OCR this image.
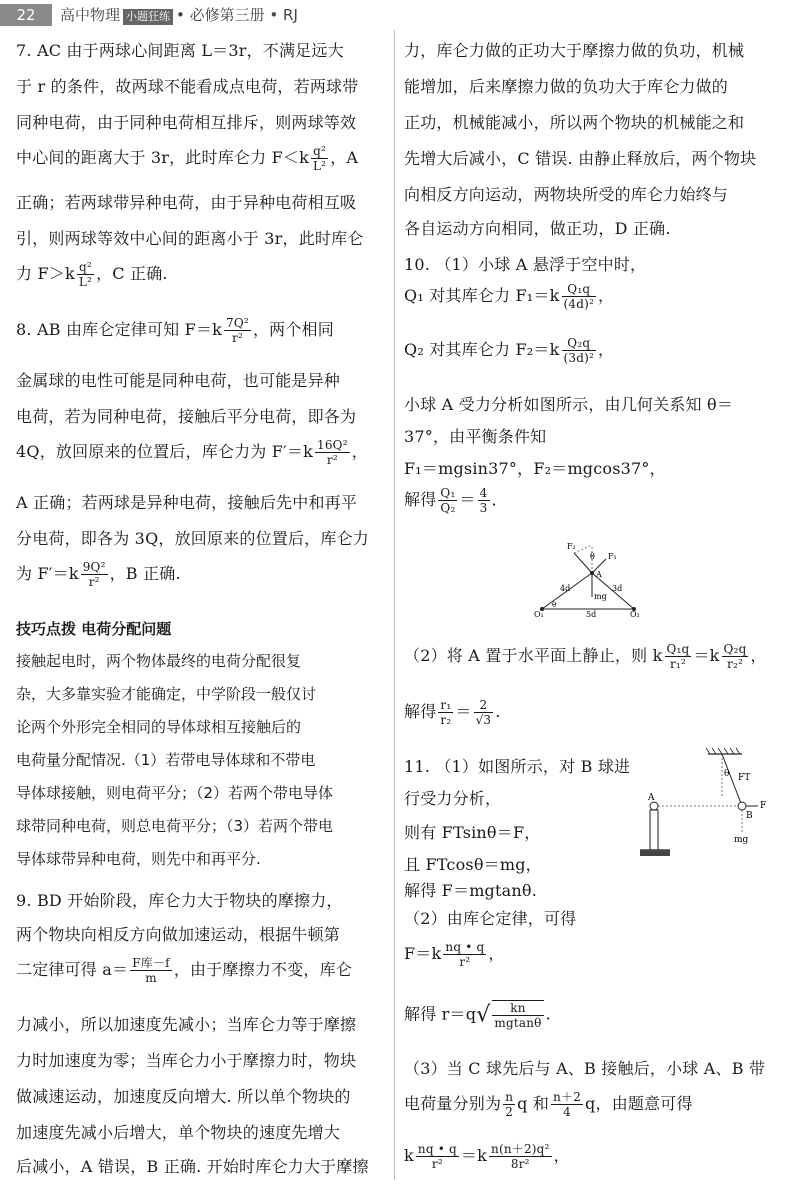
22	高中物理 小题狂练 • 必修第三册 • RJ
7. AC 由于两球心间距离 L＝3r，不满足远大
于 r 的条件，故两球不能看成点电荷，若两球带
同种电荷，由于同种电荷相互排斥，则两球等效
中心间的距离大于 3r，此时库仑力 $F<k \frac{\text{q²}}{\text{L²}}$ ，A
正确；若两球带异种电荷，由于异种电荷相互吸
引，则两球等效中心间的距离小于 3r，此时库仑
力 $F>k \frac{\text{q²}}{\text{L²}}$ ，C 正确.
8. AB 由库仑定律可知 $F=k \frac{\text{7Q²}}{\text{r²}}$ ，两个相同
金属球的电性可能是同种电荷，也可能是异种
电荷，若为同种电荷，接触后平分电荷，即各为
4Q，放回原来的位置后，库仑力为 $F'=k \frac{\text{16Q²}}{\text{r²}}$ ，
A 正确；若两球是异种电荷，接触后先中和再平
分电荷，即各为 3Q，放回原来的位置后，库仑力
为 $F'=k \frac{\text{9Q²}}{\text{r²}}$ ，B 正确.
技巧点拨 电荷分配问题
接触起电时，两个物体最终的电荷分配很复
杂，大多靠实验才能确定，中学阶段一般仅讨
论两个外形完全相同的导体球相互接触后的
电荷量分配情况.（1）若带电导体球和不带电
导体球接触，则电荷平分；（2）若两个带电导体
球带同种电荷，则总电荷平分；（3）若两个带电
导体球带异种电荷，则先中和再平分.
9. BD 开始阶段，库仑力大于物块的摩擦力，
两个物块向相反方向做加速运动，根据牛顿第
二定律可得 $a= \frac{\text{F库－f}}{m}$ ，由于摩擦力不变，库仑
力减小，所以加速度先减小；当库仑力等于摩擦
力时加速度为零；当库仑力小于摩擦力时，物块
做减速运动，加速度反向增大. 所以单个物块的
加速度先减小后增大，单个物块的速度先增大
后减小，A 错误，B 正确. 开始时库仑力大于摩擦
力，库仑力做的正功大于摩擦力做的负功，机械
能增加，后来摩擦力做的负功大于库仑力做的
正功，机械能减小，所以两个物块的机械能之和
先增大后减小，C 错误. 由静止释放后，两个物块
向相反方向运动，两物块所受的库仑力始终与
各自运动方向相同，做正功，D 正确.
10. （1）小球 A 悬浮于空中时，
Q₁ 对其库仑力 $F_1=k \frac{\text{Q₁q}}{\text{(4d)²}}$ ，
Q₂ 对其库仑力 $F_2=k \frac{\text{Q₂q}}{\text{(3d)²}}$ ，
小球 A 受力分析如图所示，由几何关系知 θ＝
37°，由平衡条件知
F₁＝mgsin37°，F₂＝mgcos37°，
解得 $\frac{\text{Q₁}}{\text{Q₂}} = \frac{4}{3}$ ．
F₂
θ F₁
A
4d	3d
mg
θ
Q₁	5d	Q₂
（2）将 A 置于水平面上静止，则 k $\frac{\text{Q₁q}}{\text{r₁²}} =k \frac{\text{Q₂q}}{\text{r₂²}}$ ，
解得 $\frac{\text{r₁}}{\text{r₂}} = \frac{2}{√3}$ .
11. （1）如图所示，对 B 球进
行受力分析，
则有 FTsinθ＝F，
且 FTcosθ＝mg，
解得 F＝mgtanθ.
（2）由库仑定律，可得
θ FT
A
F
B
mg
$F=k \frac{nq • q}{\text{r²}}$ ，
解得 $r=q√ \frac{kn}{mgtan\theta}$ .
（3）当 C 球先后与 A、B 接触后，小球 A、B 带
电荷量分别为 $\frac{n}{2}$ q 和 $\frac{n+2}{4}$ q，由题意可得
k $\frac{nq • q}{\text{r²}} =k \frac{\text{n(n＋2)q²}}{\text{8r²}}$ ，
